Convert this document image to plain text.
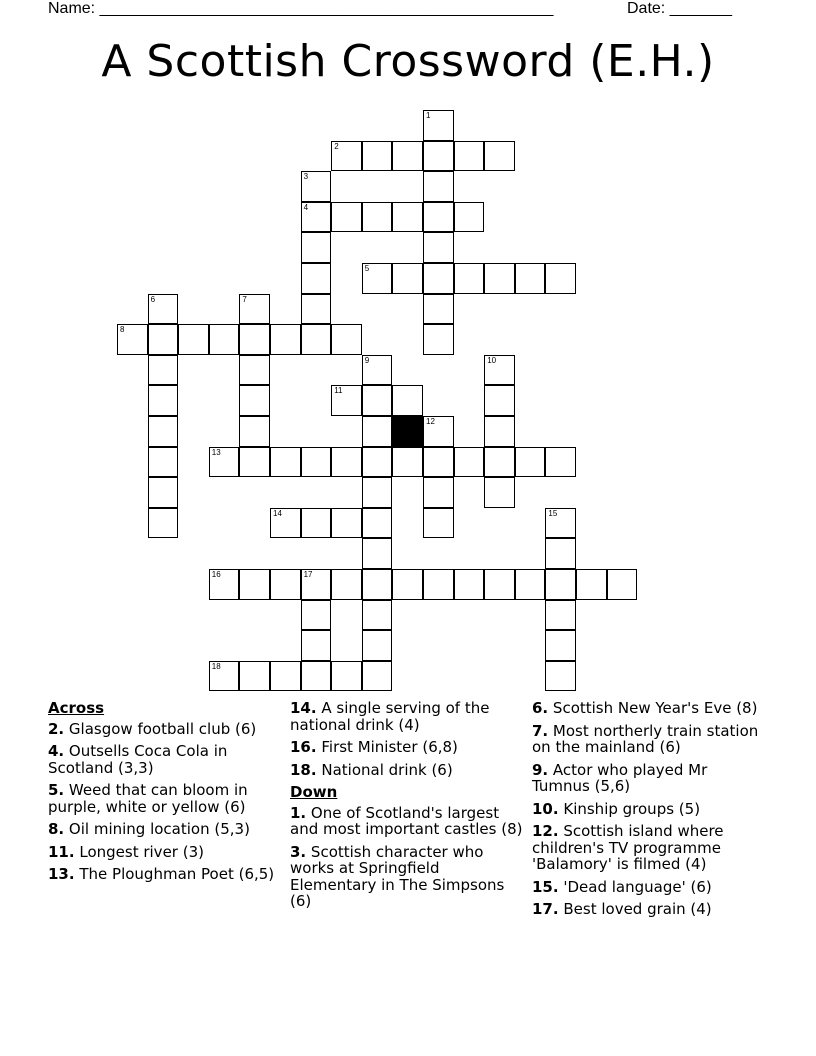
Name: ___________________________________________________	Date: _______
A Scottish Crossword (E.H.)
1
2
3
4
5
6	7
8
9	10
11
12
13
14	15
16	17
18
Across
2. Glasgow football club (6)
4. Outsells Coca Cola in Scotland (3,3)
5. Weed that can bloom in purple, white or yellow (6)
8. Oil mining location (5,3)
11. Longest river (3)
13. The Ploughman Poet (6,5)
14. A single serving of the national drink (4)
16. First Minister (6,8)
18. National drink (6)
Down
1. One of Scotland's largest and most important castles (8)
3. Scottish character who works at Springfield Elementary in The Simpsons (6)
6. Scottish New Year's Eve (8)
7. Most northerly train station on the mainland (6)
9. Actor who played Mr Tumnus (5,6)
10. Kinship groups (5)
12. Scottish island where children's TV programme 'Balamory' is filmed (4)
15. 'Dead language' (6)
17. Best loved grain (4)
